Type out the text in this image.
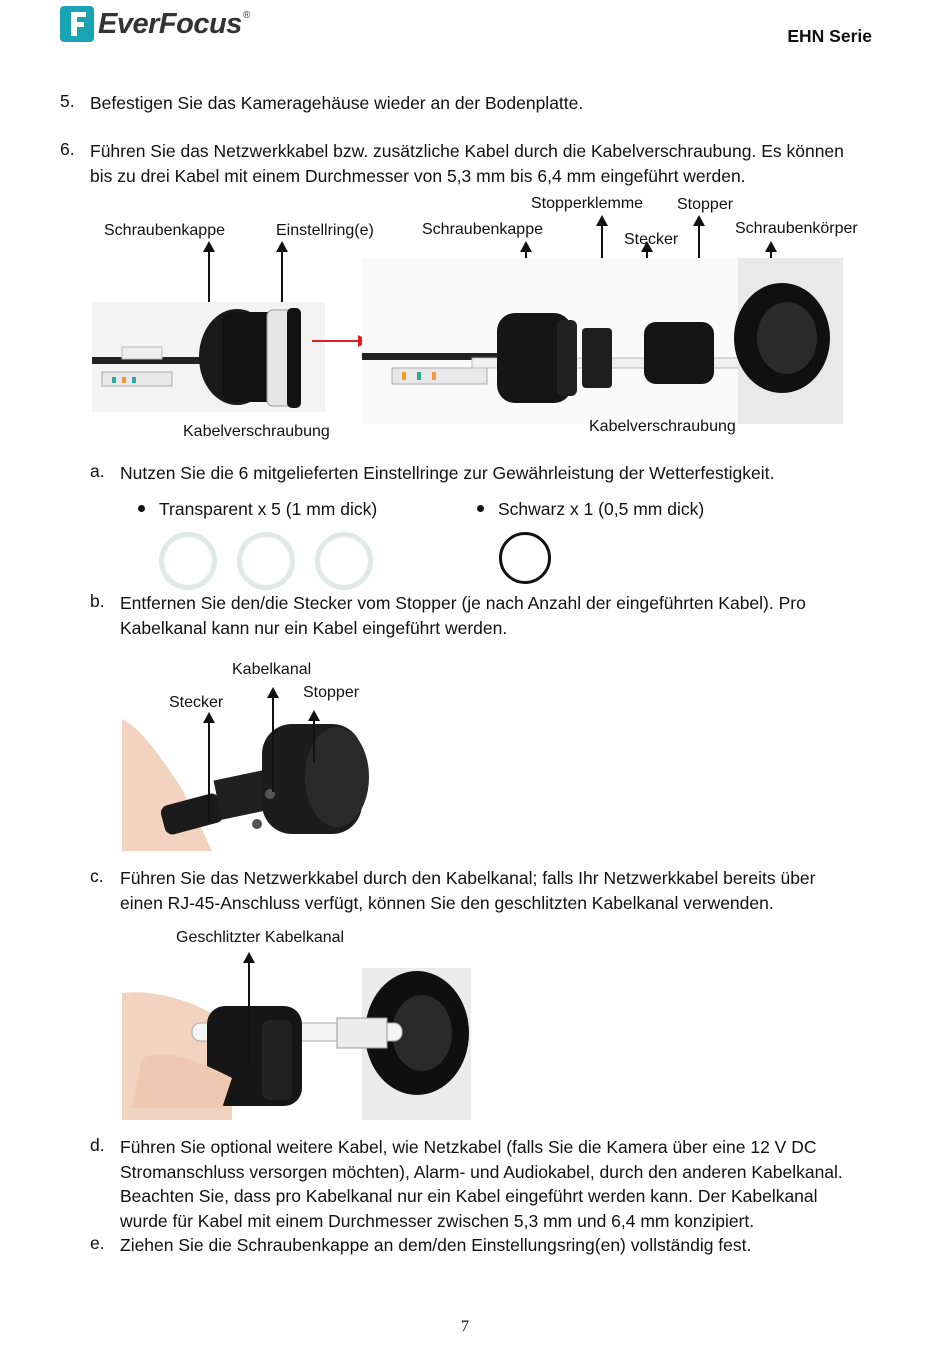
EverFocus ®
EHN Serie
5. Befestigen Sie das Kameragehäuse wieder an der Bodenplatte.
6. Führen Sie das Netzwerkkabel bzw. zusätzliche Kabel durch die Kabelverschraubung. Es können
bis zu drei Kabel mit einem Durchmesser von 5,3 mm bis 6,4 mm eingeführt werden.
Schraubenkappe	Einstellring(e)	Schraubenkappe
Stopperklemme Stopper
Stecker
Schraubenkörper
Kabelverschraubung	Kabelverschraubung
a. Nutzen Sie die 6 mitgelieferten Einstellringe zur Gewährleistung der Wetterfestigkeit.
Transparent x 5 (1 mm dick)	Schwarz x 1 (0,5 mm dick)
b. Entfernen Sie den/die Stecker vom Stopper (je nach Anzahl der eingeführten Kabel). Pro
Kabelkanal kann nur ein Kabel eingeführt werden.
Kabelkanal
Stopper
Stecker
c. Führen Sie das Netzwerkkabel durch den Kabelkanal; falls Ihr Netzwerkkabel bereits über
einen RJ-45-Anschluss verfügt, können Sie den geschlitzten Kabelkanal verwenden.
Geschlitzter Kabelkanal
d. Führen Sie optional weitere Kabel, wie Netzkabel (falls Sie die Kamera über eine 12 V DC
Stromanschluss versorgen möchten), Alarm- und Audiokabel, durch den anderen Kabelkanal.
Beachten Sie, dass pro Kabelkanal nur ein Kabel eingeführt werden kann. Der Kabelkanal
wurde für Kabel mit einem Durchmesser zwischen 5,3 mm und 6,4 mm konzipiert.
e. Ziehen Sie die Schraubenkappe an dem/den Einstellungsring(en) vollständig fest.
7
